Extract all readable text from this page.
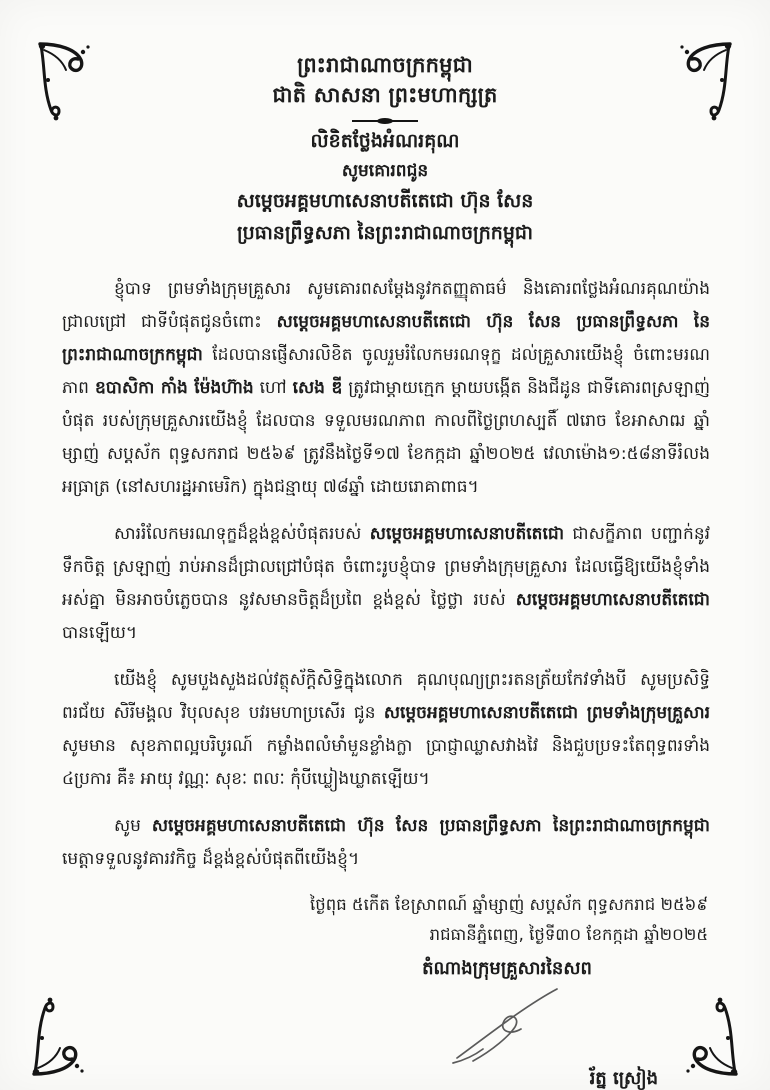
ព្រះរាជាណាចក្រកម្ពុជា
ជាតិ សាសនា ព្រះមហាក្សត្រ
លិខិតថ្លែងអំណរគុណ
សូមគោរពជូន
សម្តេចអគ្គមហាសេនាបតីតេជោ ហ៊ុន សែន
ប្រធានព្រឹទ្ធសភា នៃព្រះរាជាណាចក្រកម្ពុជា

ខ្ញុំបាទ ព្រមទាំងក្រុមគ្រួសារ សូមគោរពសម្តែងនូវកតញ្ញុតាធម៌ និងគោរពថ្លែងអំណរគុណយ៉ាងជ្រាលជ្រៅ ជាទីបំផុតជូនចំពោះ សម្តេចអគ្គមហាសេនាបតីតេជោ ហ៊ុន សែន ប្រធានព្រឹទ្ធសភា នៃព្រះរាជាណាចក្រកម្ពុជា ដែលបានផ្ញើសារលិខិត ចូលរួមរំលែកមរណទុក្ខ ដល់គ្រួសារយើងខ្ញុំ ចំពោះមរណភាព ឧបាសិកា កាំង ម៉ែងហ៊ាង ហៅ សេង ឌី ត្រូវជាម្តាយក្មេក ម្តាយបង្កើត និងជីដូន ជាទីគោរពស្រឡាញ់បំផុត របស់ក្រុមគ្រួសារយើងខ្ញុំ ដែលបាន ទទួលមរណភាព កាលពីថ្ងៃព្រហស្បតិ៍ ៧រោច ខែអាសាឍ ឆ្នាំម្សាញ់ សប្តស័ក ពុទ្ធសករាជ ២៥៦៩ ត្រូវនឹងថ្ងៃទី១៧ ខែកក្កដា ឆ្នាំ២០២៥ វេលាម៉ោង១:៥៨នាទីរំលងអធ្រាត្រ (នៅសហរដ្ឋអាមេរិក) ក្នុងជន្មាយុ ៧៨ឆ្នាំ ដោយរោគាពាធ។

សាររំលែកមរណទុក្ខដ៏ខ្ពង់ខ្ពស់បំផុតរបស់ សម្តេចអគ្គមហាសេនាបតីតេជោ ជាសក្ខីភាព បញ្ជាក់នូវ ទឹកចិត្ត ស្រឡាញ់ រាប់អានដ៏ជ្រាលជ្រៅបំផុត ចំពោះរូបខ្ញុំបាទ ព្រមទាំងក្រុមគ្រួសារ ដែលធ្វើឱ្យយើងខ្ញុំទាំងអស់គ្នា មិនអាចបំភ្លេចបាន នូវសមានចិត្តដ៏ប្រពៃ ខ្ពង់ខ្ពស់ ថ្លៃថ្លា របស់ សម្តេចអគ្គមហាសេនាបតីតេជោ បានឡើយ។

យើងខ្ញុំ សូមបួងសួងដល់វត្ថុស័ក្តិសិទ្ធិក្នុងលោក គុណបុណ្យព្រះរតនត្រ័យកែវទាំងបី សូមប្រសិទ្ធិពរជ័យ សិរីមង្គល វិបុលសុខ បវរមហាប្រសើរ ជូន សម្តេចអគ្គមហាសេនាបតីតេជោ ព្រមទាំងក្រុមគ្រួសារ សូមមាន សុខភាពល្អបរិបូរណ៍ កម្លាំងពលំមាំមួនខ្លាំងក្លា ប្រាជ្ញាឈ្លាសវាងវៃ និងជួបប្រទះតែពុទ្ធពរទាំង ៤ប្រការ គឺ៖ អាយុ វណ្ណៈ សុខៈ ពលៈ កុំបីឃ្លៀងឃ្លាតឡើយ។

សូម សម្តេចអគ្គមហាសេនាបតីតេជោ ហ៊ុន សែន ប្រធានព្រឹទ្ធសភា នៃព្រះរាជាណាចក្រកម្ពុជា មេត្តាទទួលនូវគារវកិច្ច ដ៏ខ្ពង់ខ្ពស់បំផុតពីយើងខ្ញុំ។

ថ្ងៃពុធ ៥កើត ខែស្រាពណ៍ ឆ្នាំម្សាញ់ សប្តស័ក ពុទ្ធសករាជ ២៥៦៩
រាជធានីភ្នំពេញ, ថ្ងៃទី៣០ ខែកក្កដា ឆ្នាំ២០២៥
តំណាងក្រុមគ្រួសារនៃសព
រ័ត្ន ស្រៀង
